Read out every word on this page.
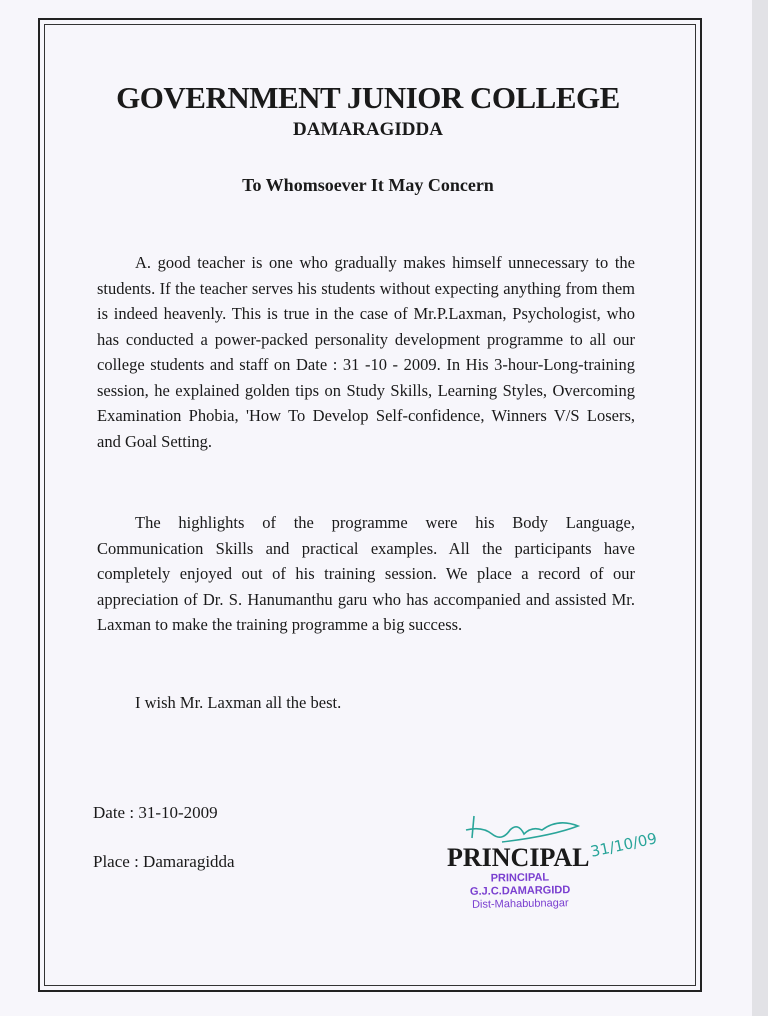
GOVERNMENT JUNIOR COLLEGE
DAMARAGIDDA
To Whomsoever It May Concern
A. good teacher is one who gradually makes himself unnecessary to the students. If the teacher serves his students without expecting anything from them is indeed heavenly. This is true in the case of Mr.P.Laxman, Psychologist, who has conducted a power-packed personality development programme to all our college students and staff on Date : 31 -10 - 2009. In His 3-hour-Long-training session, he explained golden tips on Study Skills, Learning Styles, Overcoming Examination Phobia, 'How To Develop Self-confidence, Winners V/S Losers, and Goal Setting.
The highlights of the programme were his Body Language, Communication Skills and practical examples. All the participants have completely enjoyed out of his training session. We place a record of our appreciation of Dr. S. Hanumanthu garu who has accompanied and assisted Mr. Laxman to make the training programme a big success.
I wish Mr. Laxman all the best.
Date : 31-10-2009
Place : Damaragidda
31/10/09
PRINCIPAL
PRINCIPAL
G.J.C.DAMARGIDD
Dist-Mahabubnagar
